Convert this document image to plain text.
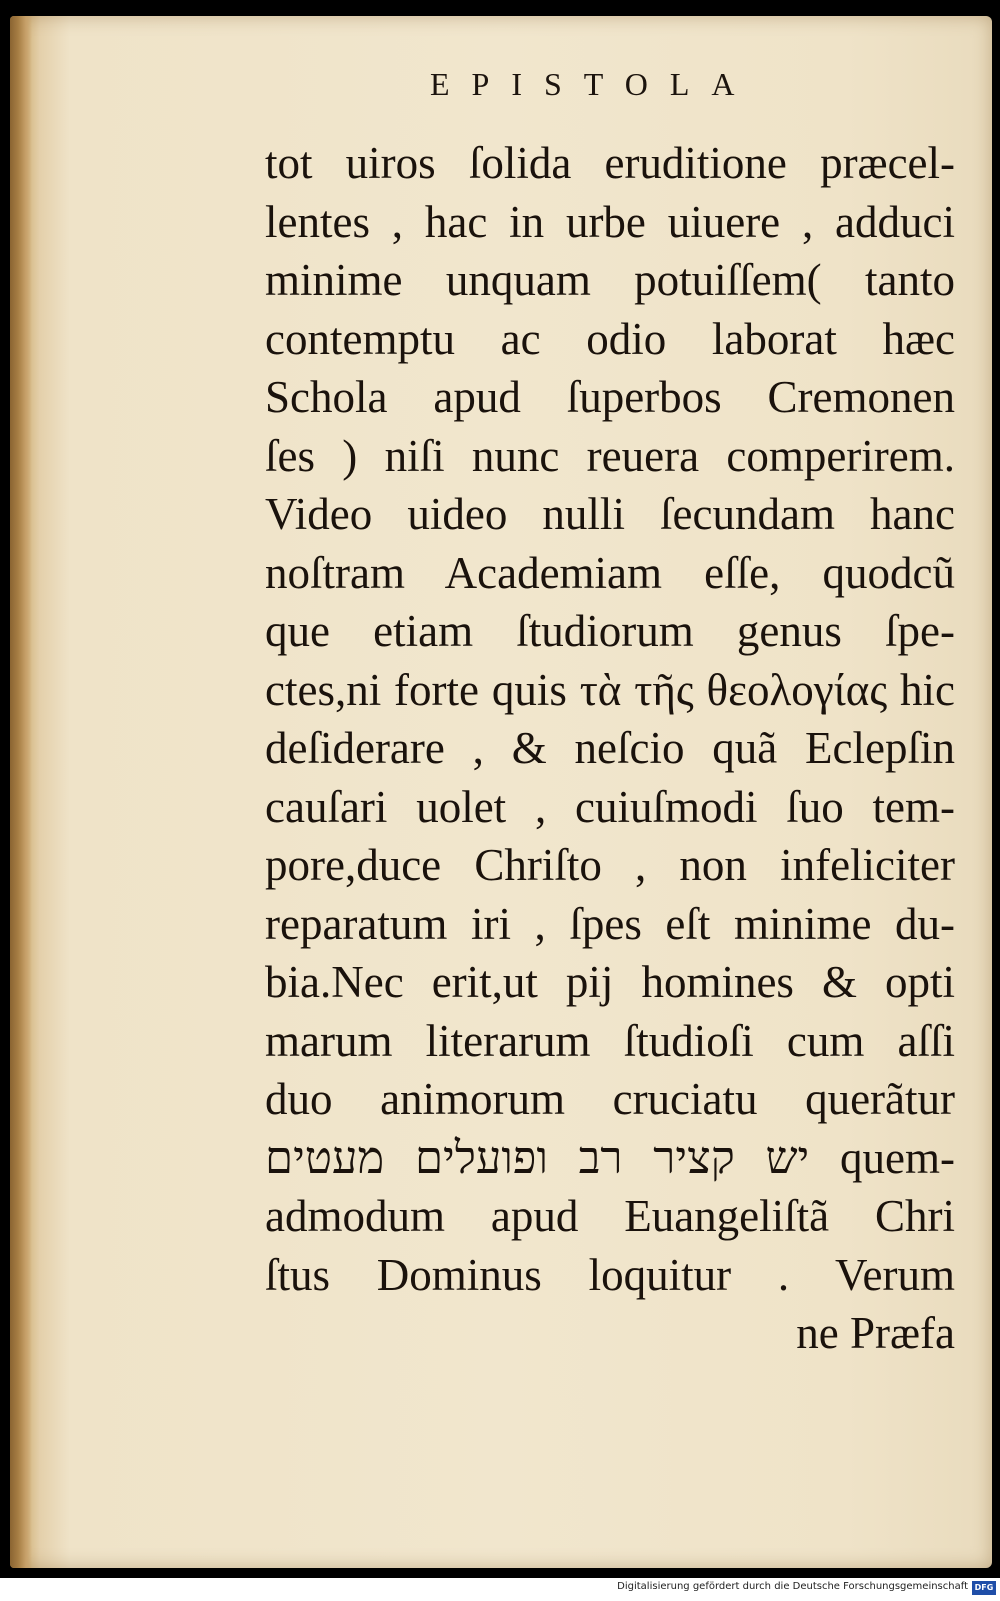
EPISTOLA
tot uiros ſolida eruditione præcel-
lentes , hac in urbe uiuere , adduci
minime unquam potuiſſem( tanto
contemptu ac odio laborat hæc
Schola apud ſuperbos Cremonen
ſes ) niſi nunc reuera comperirem.
Video uideo nulli ſecundam hanc
noſtram Academiam eſſe, quodcũ
que etiam ſtudiorum genus ſpe-
ctes,ni forte quis τὰ τῆς θεολογίας hic
deſiderare , & neſcio quã Eclepſin
cauſari uolet , cuiuſmodi ſuo tem-
pore,duce Chriſto , non infeliciter
reparatum iri , ſpes eſt minime du-
bia.Nec erit,ut pij homines & opti
marum literarum ſtudioſi cum aſſi
duo animorum cruciatu querãtur
יש קציר רב ופועלים מעטים quem-
admodum apud Euangeliſtã Chri
ſtus Dominus loquitur . Verum
ne Præfa
Digitalisierung gefördert durch die Deutsche Forschungsgemeinschaft DFG
